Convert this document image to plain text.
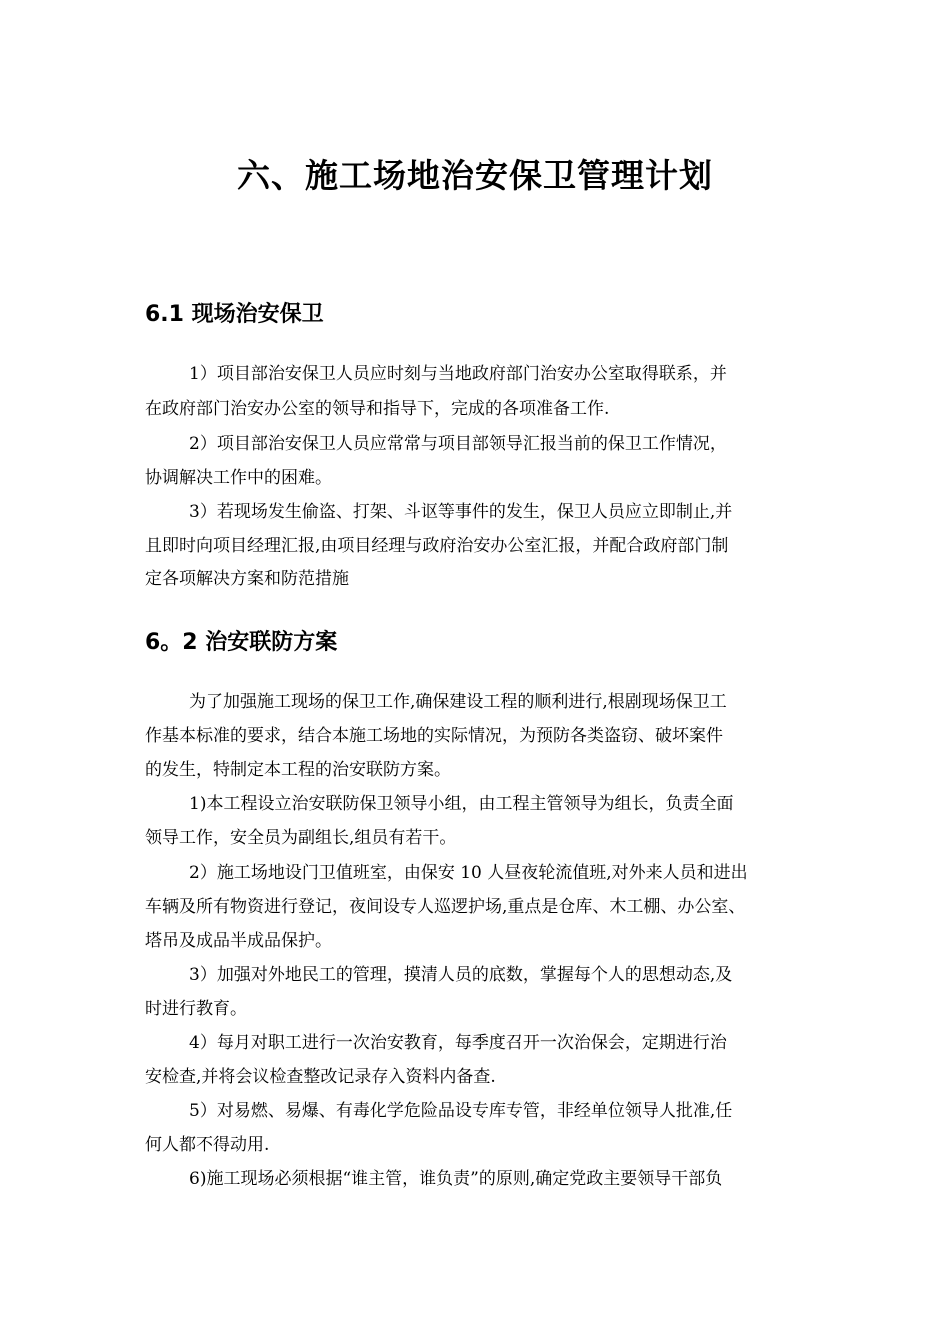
六、施工场地治安保卫管理计划
6.1 现场治安保卫
1）项目部治安保卫人员应时刻与当地政府部门治安办公室取得联系，并
在政府部门治安办公室的领导和指导下，完成的各项准备工作.
2）项目部治安保卫人员应常常与项目部领导汇报当前的保卫工作情况，
协调解决工作中的困难。
3）若现场发生偷盗、打架、斗讴等事件的发生，保卫人员应立即制止,并
且即时向项目经理汇报,由项目经理与政府治安办公室汇报，并配合政府部门制
定各项解决方案和防范措施
6。2 治安联防方案
为了加强施工现场的保卫工作,确保建设工程的顺利进行,根剧现场保卫工
作基本标准的要求，结合本施工场地的实际情况，为预防各类盗窃、破坏案件
的发生，特制定本工程的治安联防方案。
1)本工程设立治安联防保卫领导小组，由工程主管领导为组长，负责全面
领导工作，安全员为副组长,组员有若干。
2）施工场地设门卫值班室，由保安 10 人昼夜轮流值班,对外来人员和进出
车辆及所有物资进行登记，夜间设专人巡逻护场,重点是仓库、木工棚、办公室、
塔吊及成品半成品保护。
3）加强对外地民工的管理，摸清人员的底数，掌握每个人的思想动态,及
时进行教育。
4）每月对职工进行一次治安教育，每季度召开一次治保会，定期进行治
安检查,并将会议检查整改记录存入资料内备查.
5）对易燃、易爆、有毒化学危险品设专库专管，非经单位领导人批准,任
何人都不得动用.
6)施工现场必须根据“谁主管，谁负责”的原则,确定党政主要领导干部负
